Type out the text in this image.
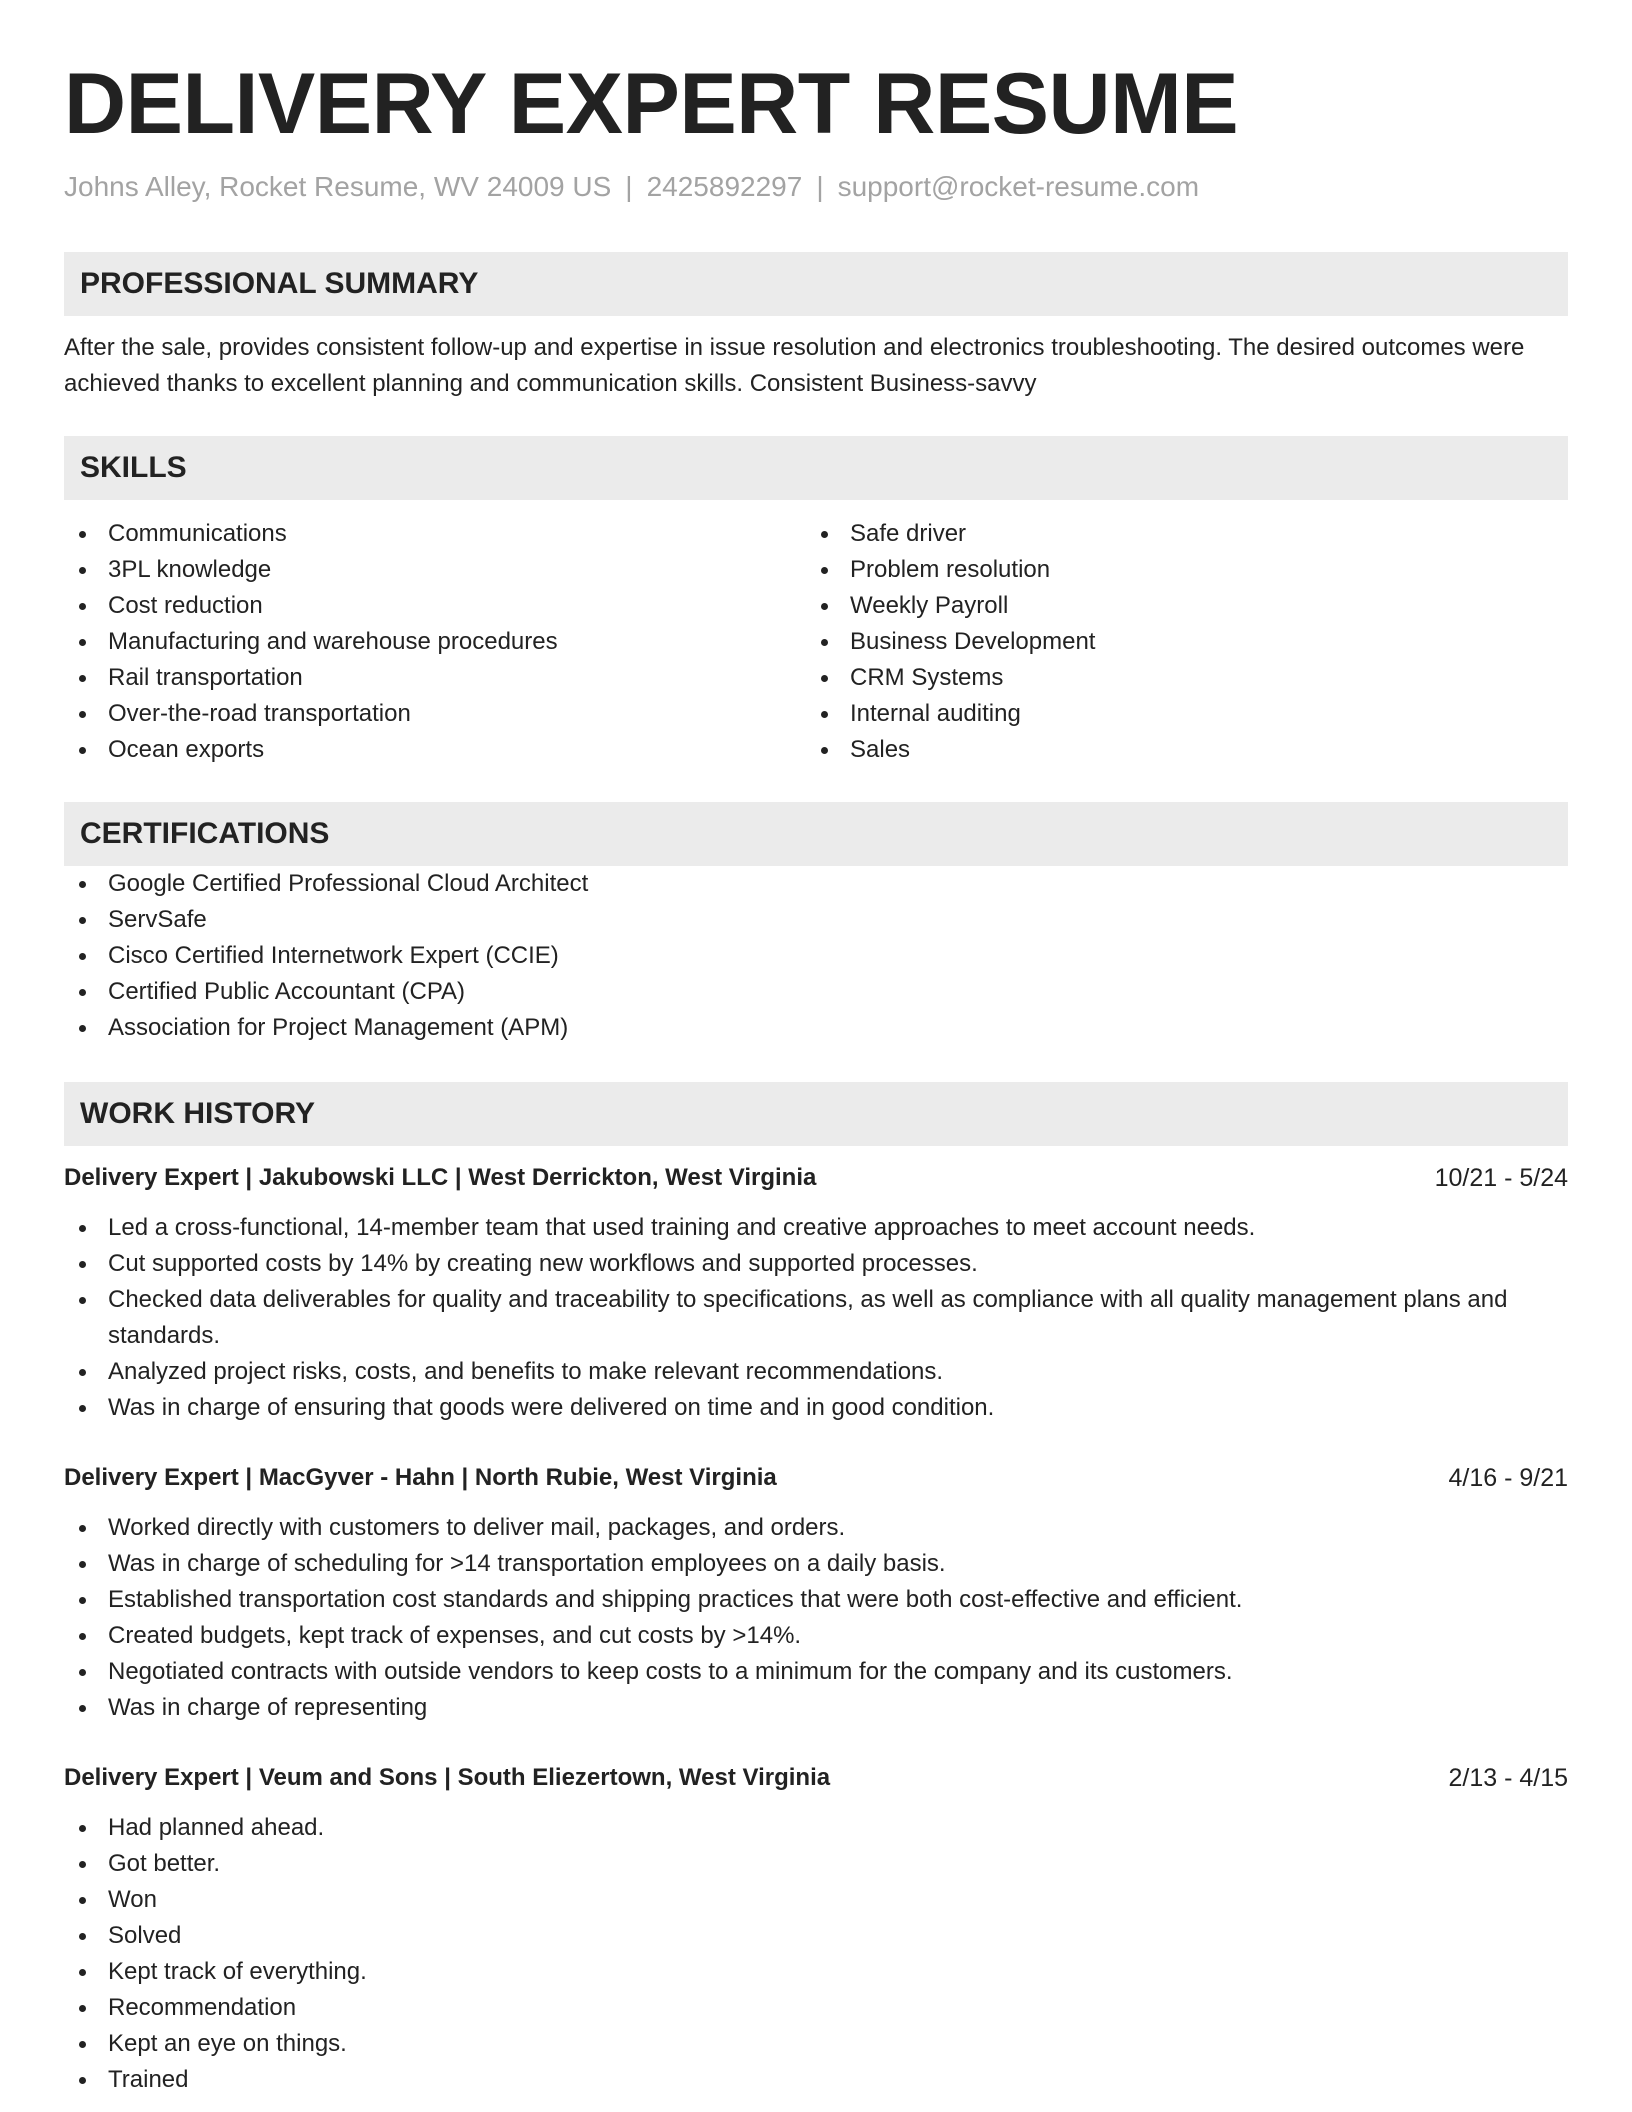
DELIVERY EXPERT RESUME
Johns Alley, Rocket Resume, WV 24009 US | 2425892297 | support@rocket-resume.com
PROFESSIONAL SUMMARY
After the sale, provides consistent follow-up and expertise in issue resolution and electronics troubleshooting. The desired outcomes were achieved thanks to excellent planning and communication skills. Consistent Business-savvy
SKILLS
Communications
3PL knowledge
Cost reduction
Manufacturing and warehouse procedures
Rail transportation
Over-the-road transportation
Ocean exports
Safe driver
Problem resolution
Weekly Payroll
Business Development
CRM Systems
Internal auditing
Sales
CERTIFICATIONS
Google Certified Professional Cloud Architect
ServSafe
Cisco Certified Internetwork Expert (CCIE)
Certified Public Accountant (CPA)
Association for Project Management (APM)
WORK HISTORY
Delivery Expert | Jakubowski LLC | West Derrickton, West Virginia	10/21 - 5/24
Led a cross-functional, 14-member team that used training and creative approaches to meet account needs.
Cut supported costs by 14% by creating new workflows and supported processes.
Checked data deliverables for quality and traceability to specifications, as well as compliance with all quality management plans and standards.
Analyzed project risks, costs, and benefits to make relevant recommendations.
Was in charge of ensuring that goods were delivered on time and in good condition.
Delivery Expert | MacGyver - Hahn | North Rubie, West Virginia	4/16 - 9/21
Worked directly with customers to deliver mail, packages, and orders.
Was in charge of scheduling for >14 transportation employees on a daily basis.
Established transportation cost standards and shipping practices that were both cost-effective and efficient.
Created budgets, kept track of expenses, and cut costs by >14%.
Negotiated contracts with outside vendors to keep costs to a minimum for the company and its customers.
Was in charge of representing
Delivery Expert | Veum and Sons | South Eliezertown, West Virginia	2/13 - 4/15
Had planned ahead.
Got better.
Won
Solved
Kept track of everything.
Recommendation
Kept an eye on things.
Trained
